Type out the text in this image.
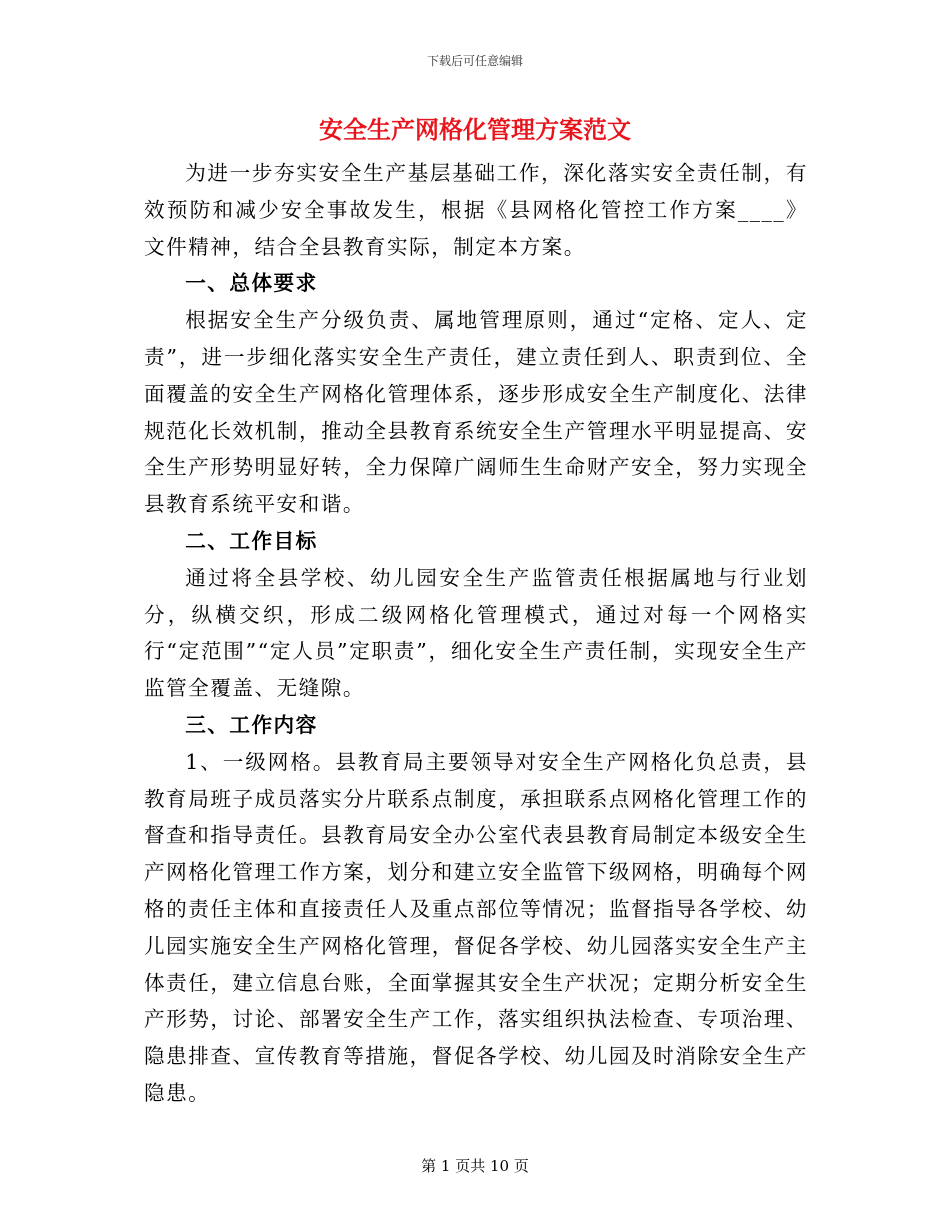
下载后可任意编辑
安全生产网格化管理方案范文

为进一步夯实安全生产基层基础工作，深化落实安全责任制，有效预防和减少安全事故发生，根据《县网格化管控工作方案____》文件精神，结合全县教育实际，制定本方案。

一、总体要求

根据安全生产分级负责、属地管理原则，通过“定格、定人、定责”，进一步细化落实安全生产责任，建立责任到人、职责到位、全面覆盖的安全生产网格化管理体系，逐步形成安全生产制度化、法律规范化长效机制，推动全县教育系统安全生产管理水平明显提高、安全生产形势明显好转，全力保障广阔师生生命财产安全，努力实现全县教育系统平安和谐。

二、工作目标

通过将全县学校、幼儿园安全生产监管责任根据属地与行业划分，纵横交织，形成二级网格化管理模式，通过对每一个网格实行“定范围”“定人员”定职责”，细化安全生产责任制，实现安全生产监管全覆盖、无缝隙。

三、工作内容

1、一级网格。县教育局主要领导对安全生产网格化负总责，县教育局班子成员落实分片联系点制度，承担联系点网格化管理工作的督查和指导责任。县教育局安全办公室代表县教育局制定本级安全生产网格化管理工作方案，划分和建立安全监管下级网格，明确每个网格的责任主体和直接责任人及重点部位等情况；监督指导各学校、幼儿园实施安全生产网格化管理，督促各学校、幼儿园落实安全生产主体责任，建立信息台账，全面掌握其安全生产状况；定期分析安全生产形势，讨论、部署安全生产工作，落实组织执法检查、专项治理、隐患排查、宣传教育等措施，督促各学校、幼儿园及时消除安全生产隐患。

第 1 页共 10 页
